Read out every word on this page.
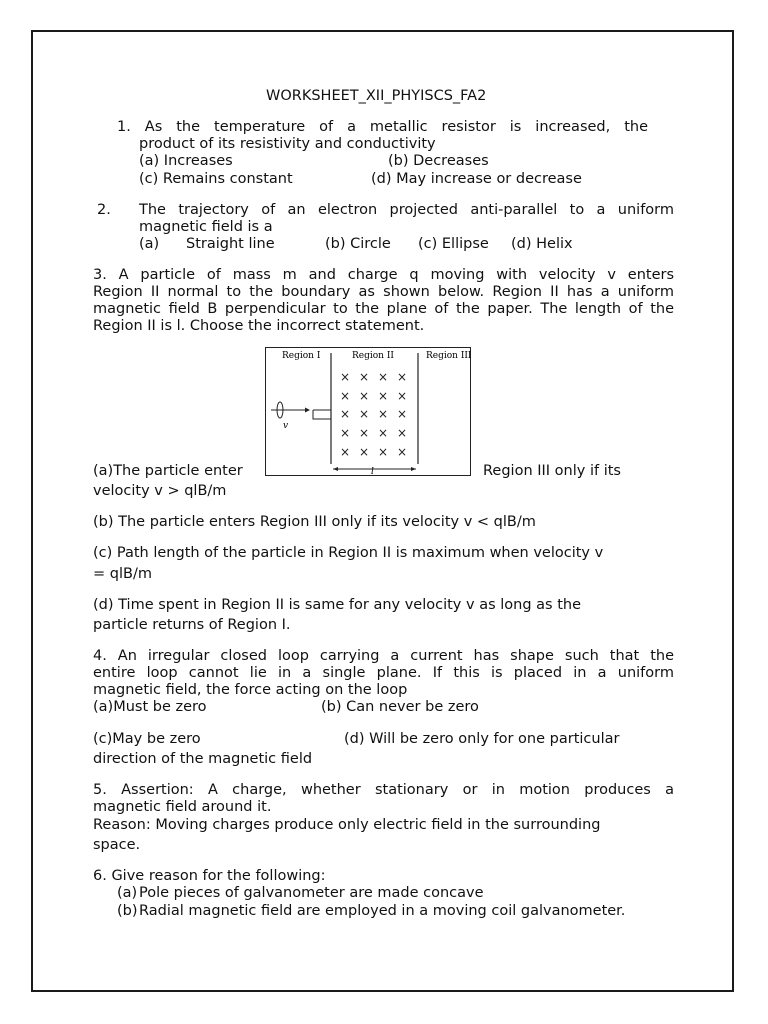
WORKSHEET_XII_PHYISCS_FA2
1. As the temperature of a metallic resistor is increased, the
product of its resistivity and conductivity
(a) Increases	(b) Decreases
(c) Remains constant	(d) May increase or decrease
2. The trajectory of an electron projected anti-parallel to a uniform
magnetic field is a
(a) Straight line	(b) Circle (c) Ellipse (d) Helix
3. A particle of mass m and charge q moving with velocity v enters
Region II normal to the boundary as shown below. Region II has a uniform
magnetic field B perpendicular to the plane of the paper. The length of the
Region II is l. Choose the incorrect statement.
Region I	Region II	Region III
× × × ×
× × × ×
× × × ×
× × × ×
× × × ×
v
l
(a)The particle enter	Region III only if its
velocity v > qlB/m
(b) The particle enters Region III only if its velocity v < qlB/m
(c) Path length of the particle in Region II is maximum when velocity v
= qlB/m
(d) Time spent in Region II is same for any velocity v as long as the
particle returns of Region I.
4. An irregular closed loop carrying a current has shape such that the
entire loop cannot lie in a single plane. If this is placed in a uniform
magnetic field, the force acting on the loop
(a)Must be zero	(b) Can never be zero
(c)May be zero	(d) Will be zero only for one particular
direction of the magnetic field
5. Assertion: A charge, whether stationary or in motion produces a
magnetic field around it.
Reason: Moving charges produce only electric field in the surrounding
space.
6. Give reason for the following:
(a) Pole pieces of galvanometer are made concave
(b) Radial magnetic field are employed in a moving coil galvanometer.
